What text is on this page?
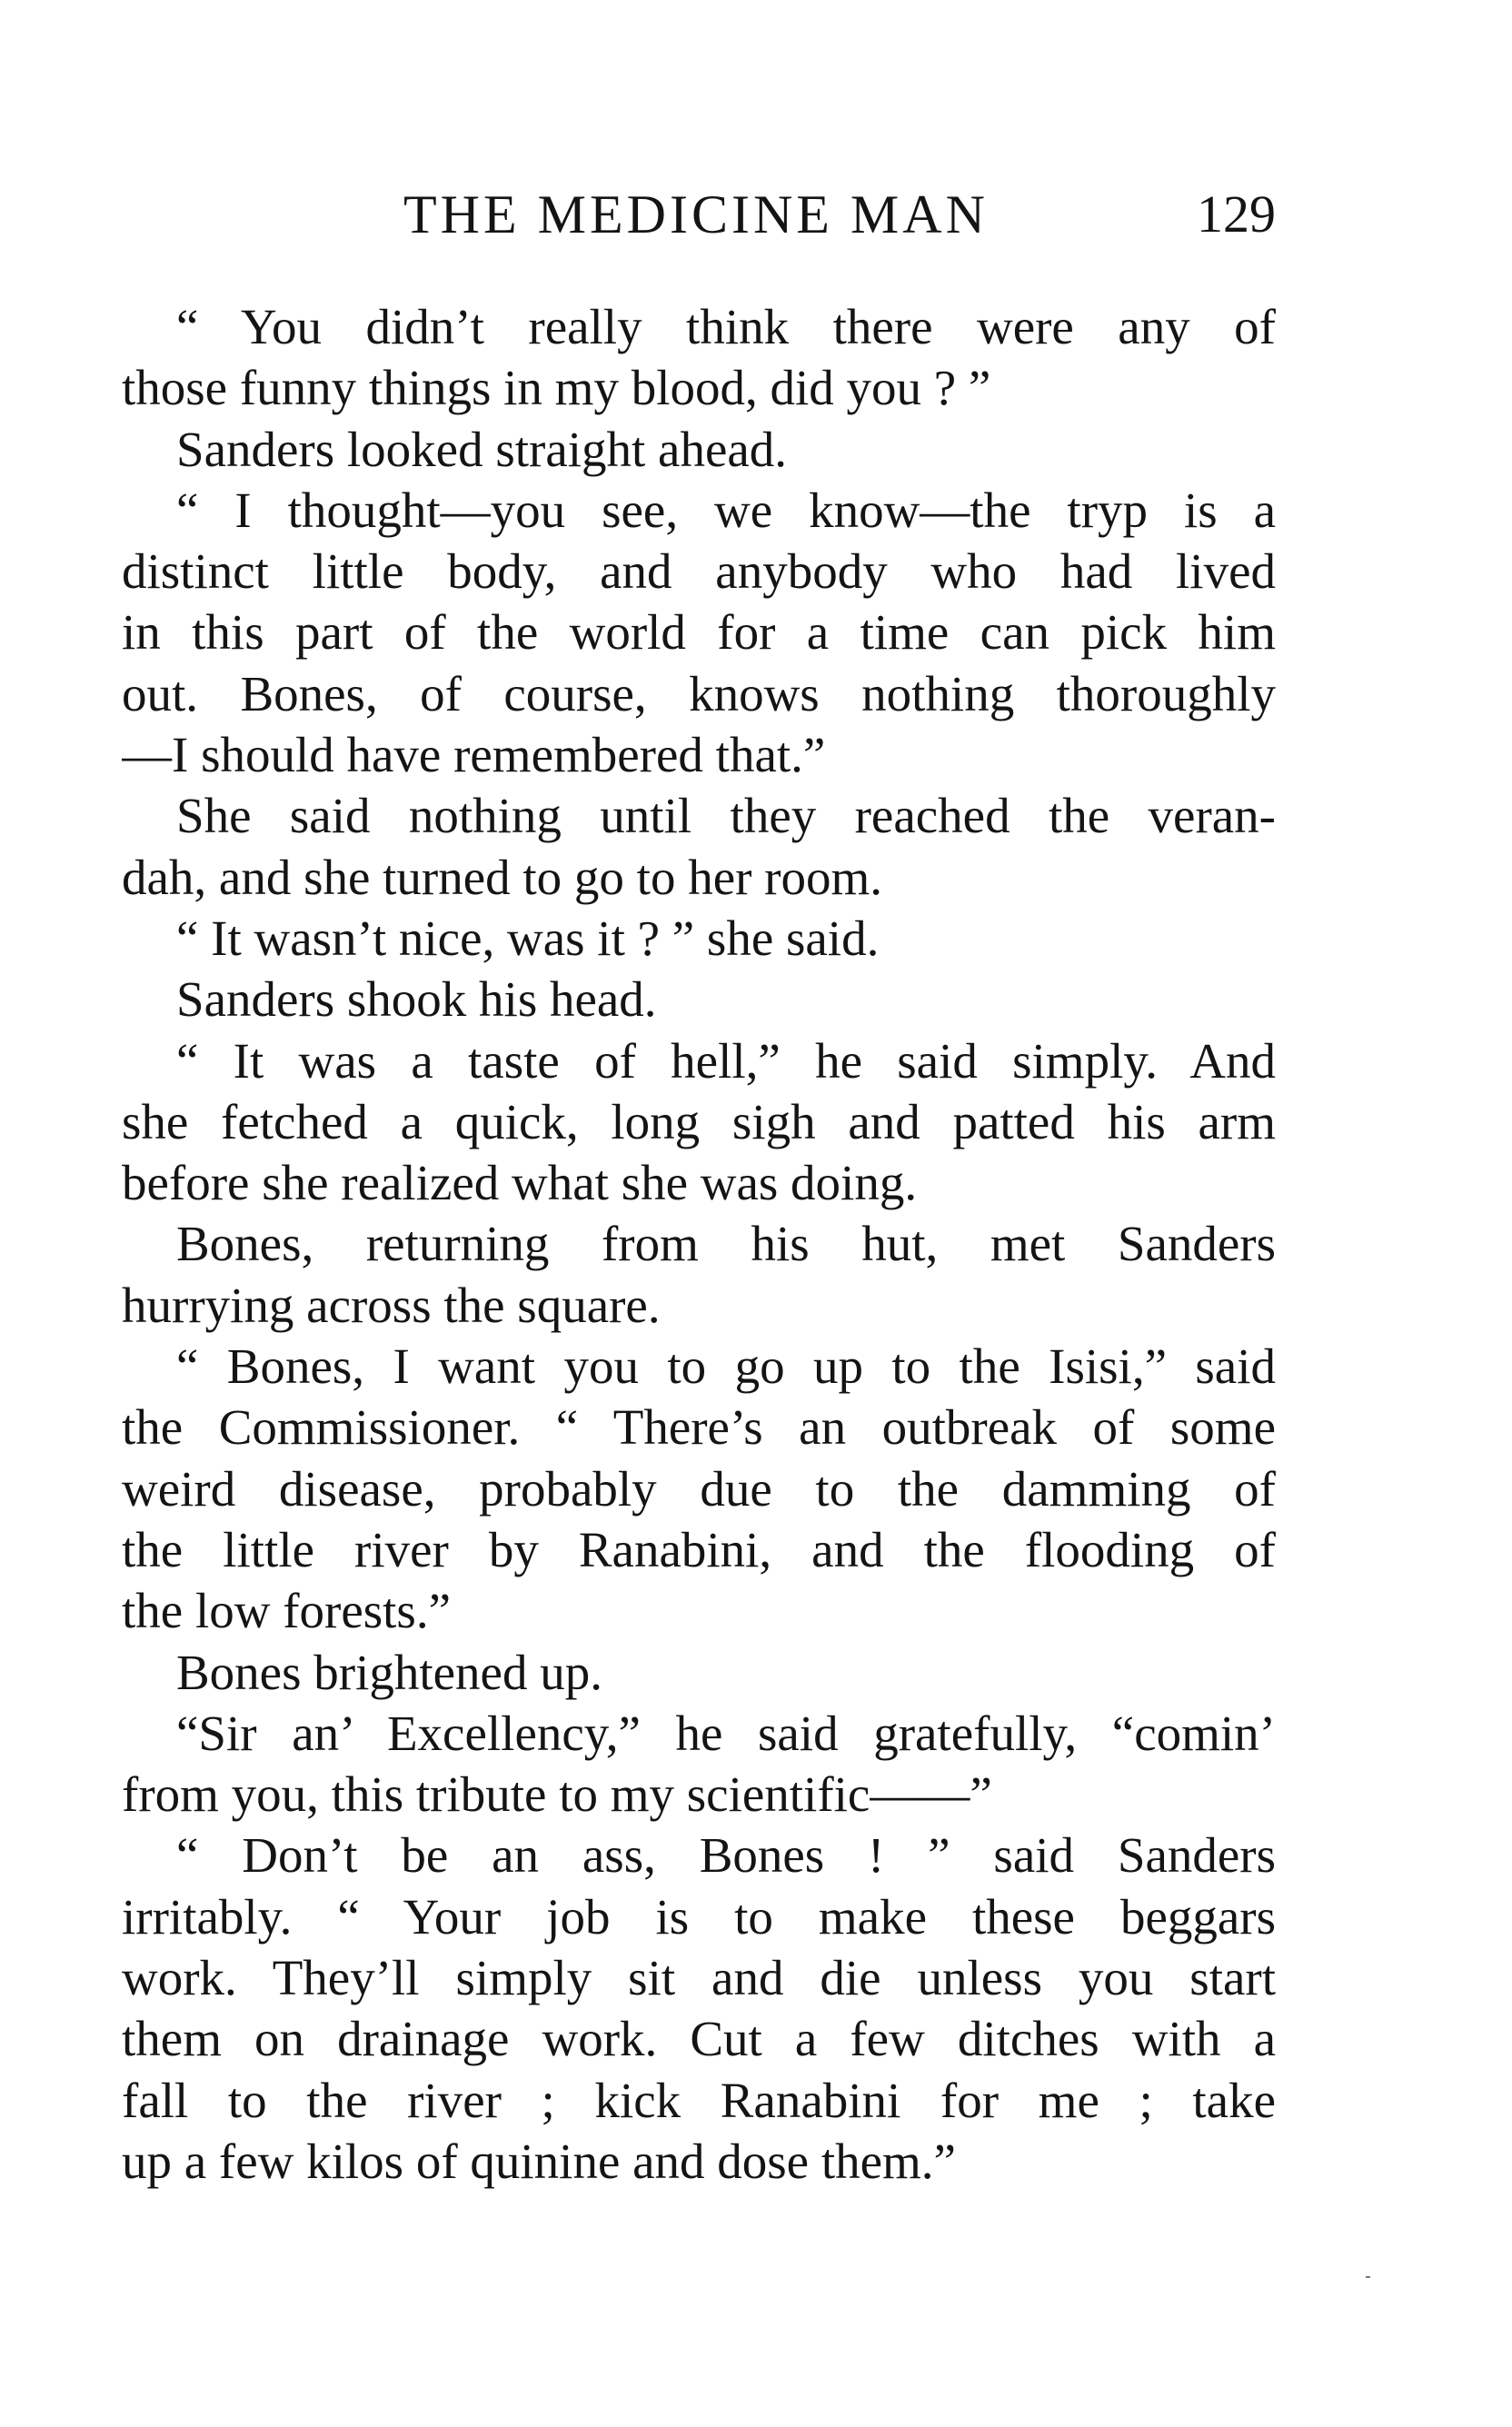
THE MEDICINE MAN	129
“ You didn’t really think there were any of
those funny things in my blood, did you ? ”
Sanders looked straight ahead.
“ I thought—you see, we know—the tryp is a
distinct little body, and anybody who had lived
in this part of the world for a time can pick him
out. Bones, of course, knows nothing thoroughly
—I should have remembered that.”
She said nothing until they reached the veran-
dah, and she turned to go to her room.
“ It wasn’t nice, was it ? ” she said.
Sanders shook his head.
“ It was a taste of hell,” he said simply. And
she fetched a quick, long sigh and patted his arm
before she realized what she was doing.
Bones, returning from his hut, met Sanders
hurrying across the square.
“ Bones, I want you to go up to the Isisi,” said
the Commissioner. “ There’s an outbreak of some
weird disease, probably due to the damming of
the little river by Ranabini, and the flooding of
the low forests.”
Bones brightened up.
“Sir an’ Excellency,” he said gratefully, “comin’
from you, this tribute to my scientific——”
“ Don’t be an ass, Bones ! ” said Sanders
irritably. “ Your job is to make these beggars
work. They’ll simply sit and die unless you start
them on drainage work. Cut a few ditches with a
fall to the river ; kick Ranabini for me ; take
up a few kilos of quinine and dose them.”
